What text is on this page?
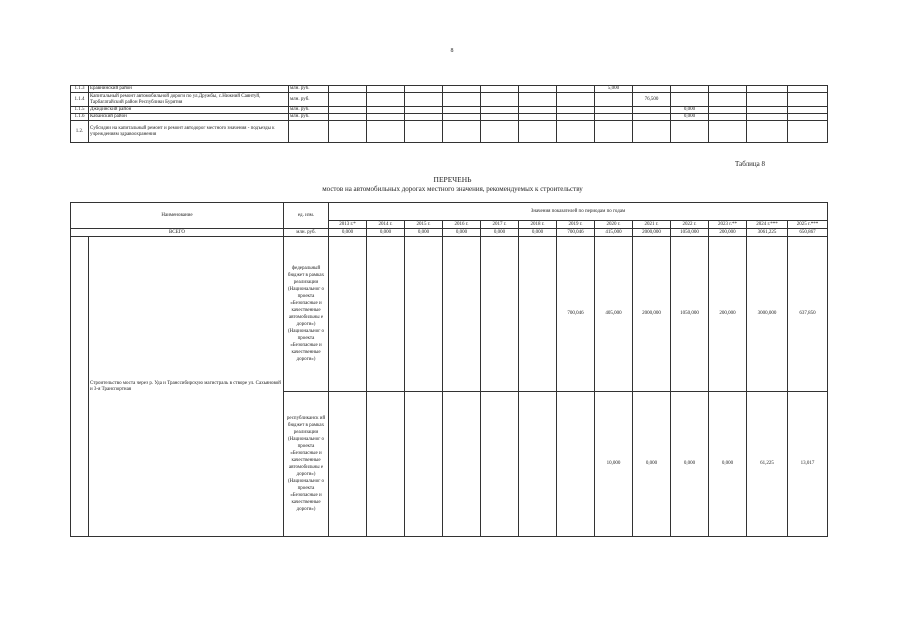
8
1.1.3	Еравнинский район	млн. руб.								5,000					
1.1.4	Капитальный ремонт автомобильной дороги по ул.Дружбы, с.Нижний Саянтуй, Тарбагатайский район Республики Бурятия	млн. руб.									76,500				
1.1.5	Джидинский район	млн. руб.										0,000			
1.1.6	Кабанский район	млн. руб.										0,000			
1.2.	Субсидии на капитальный ремонт и ремонт автодорог местного значения - подъезды к учреждениям здравоохранения														
Таблица 8
ПЕРЕЧЕНЬ
мостов на автомобильных дорогах местного значения, рекомендуемых к строительству
Наименование		ед. изм.	Значения показателей по периодам по годам												
			2013 г.*	2014 г.	2015 г.	2016 г.	2017 г.	2018 г.	2019 г.	2020 г.	2021 г.	2022 г.	2023 г.**	2024 г.***	2025 г.***
ВСЕГО		млн. руб.	0,000	0,000	0,000	0,000	0,000	0,000	700,046	415,000	2000,000	1050,000	200,000	3061,225	650,867
	Строительство моста через р. Уда и Транссибирскую магистраль в створе ул. Сахьяновой и 3-я Транспортная	федеральный бюджет в рамках реализации (Национальног о проекта «Безопасные и качественные автомобильны е дороги») (Национальног о проекта «Безопасные и качественные дороги»)							700,046	405,000	2000,000	1050,000	200,000	3000,000	637,850
		республиканск ий бюджет в рамках реализации (Национальног о проекта «Безопасные и качественные автомобильны е дороги») (Национальног о проекта «Безопасные и качественные дороги»)								10,000	0,000	0,000	0,000	61,225	13,017
